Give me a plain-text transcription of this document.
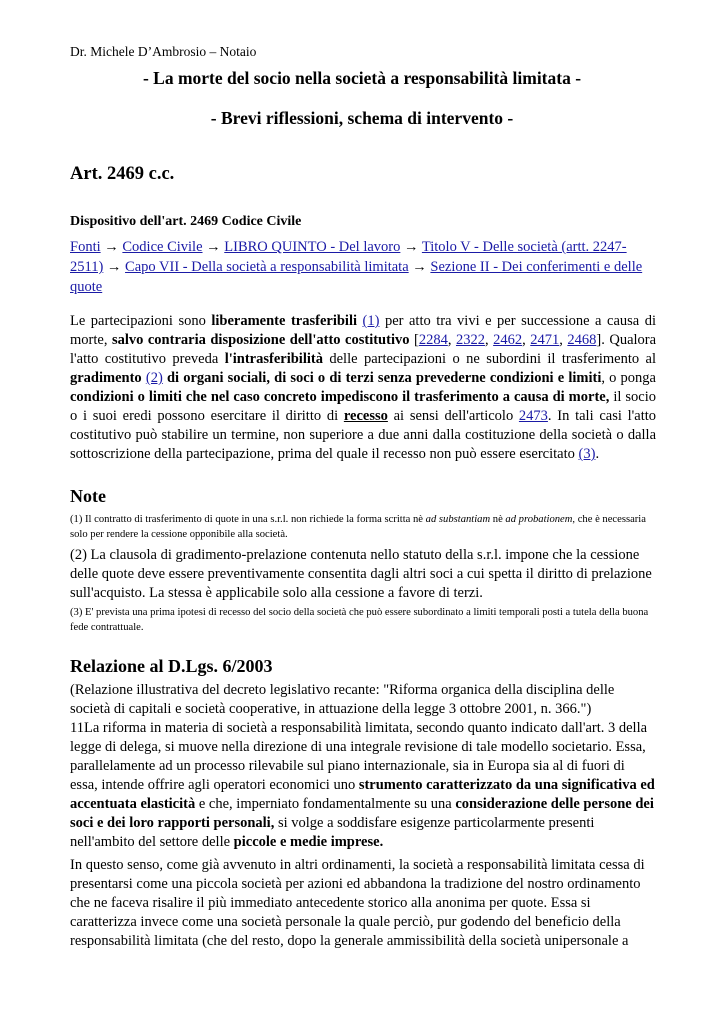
Dr. Michele D’Ambrosio – Notaio
- La morte del socio nella società a responsabilità limitata -
- Brevi riflessioni, schema di intervento -
Art. 2469 c.c.
Dispositivo dell'art. 2469 Codice Civile
Fonti → Codice Civile → LIBRO QUINTO - Del lavoro → Titolo V - Delle società (artt. 2247-2511) → Capo VII - Della società a responsabilità limitata → Sezione II - Dei conferimenti e delle quote
Le partecipazioni sono liberamente trasferibili (1) per atto tra vivi e per successione a causa di morte, salvo contraria disposizione dell'atto costitutivo [2284, 2322, 2462, 2471, 2468]. Qualora l'atto costitutivo preveda l'intrasferibilità delle partecipazioni o ne subordini il trasferimento al gradimento (2) di organi sociali, di soci o di terzi senza prevederne condizioni e limiti, o ponga condizioni o limiti che nel caso concreto impediscono il trasferimento a causa di morte, il socio o i suoi eredi possono esercitare il diritto di recesso ai sensi dell'articolo 2473. In tali casi l'atto costitutivo può stabilire un termine, non superiore a due anni dalla costituzione della società o dalla sottoscrizione della partecipazione, prima del quale il recesso non può essere esercitato (3).
Note
(1) Il contratto di trasferimento di quote in una s.r.l. non richiede la forma scritta nè ad substantiam nè ad probationem, che è necessaria solo per rendere la cessione opponibile alla società.
(2) La clausola di gradimento-prelazione contenuta nello statuto della s.r.l. impone che la cessione delle quote deve essere preventivamente consentita dagli altri soci a cui spetta il diritto di prelazione sull'acquisto. La stessa è applicabile solo alla cessione a favore di terzi.
(3) E' prevista una prima ipotesi di recesso del socio della società che può essere subordinato a limiti temporali posti a tutela della buona fede contrattuale.
Relazione al D.Lgs. 6/2003
(Relazione illustrativa del decreto legislativo recante: "Riforma organica della disciplina delle società di capitali e società cooperative, in attuazione della legge 3 ottobre 2001, n. 366.")
11La riforma in materia di società a responsabilità limitata, secondo quanto indicato dall'art. 3 della legge di delega, si muove nella direzione di una integrale revisione di tale modello societario. Essa, parallelamente ad un processo rilevabile sul piano internazionale, sia in Europa sia al di fuori di essa, intende offrire agli operatori economici uno strumento caratterizzato da una significativa ed accentuata elasticità e che, imperniato fondamentalmente su una considerazione delle persone dei soci e dei loro rapporti personali, si volge a soddisfare esigenze particolarmente presenti nell'ambito del settore delle piccole e medie imprese.
In questo senso, come già avvenuto in altri ordinamenti, la società a responsabilità limitata cessa di presentarsi come una piccola società per azioni ed abbandona la tradizione del nostro ordinamento che ne faceva risalire il più immediato antecedente storico alla anonima per quote. Essa si caratterizza invece come una società personale la quale perciò, pur godendo del beneficio della responsabilità limitata (che del resto, dopo la generale ammissibilità della società unipersonale a
